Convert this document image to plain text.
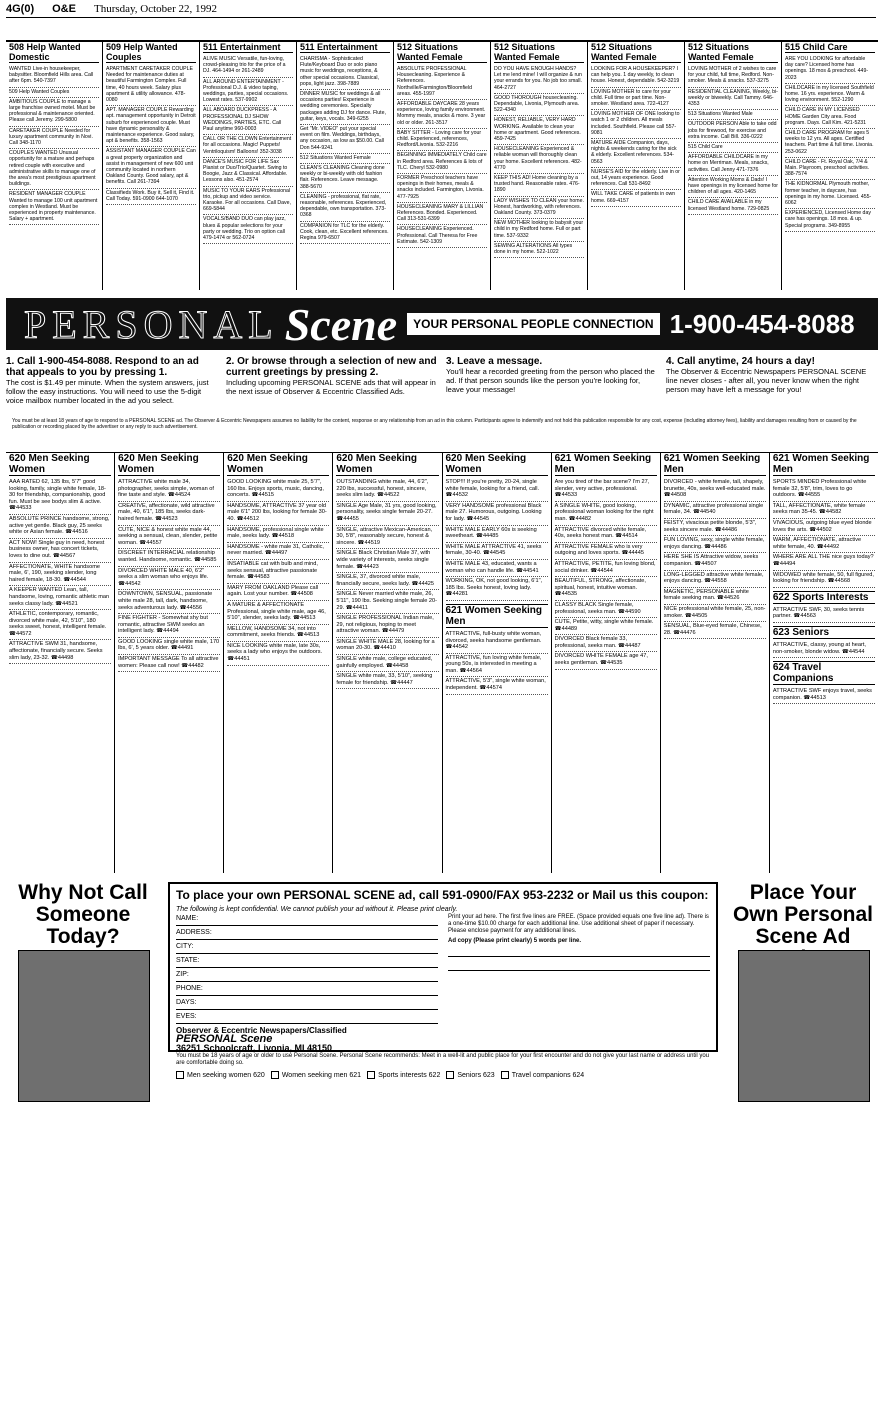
4G(0) O&E Thursday, October 22, 1992
508 Help Wanted Domestic
WANTED Live-in housekeeper, babysitter. Bloomfield Hills area. Call after 6pm. 540-7397
509 Help Wanted Couples
AMBITIOUS COUPLE to manage a large franchise owned motel. Must be professional & maintenance oriented. Please call Jeremy. 299-5800
CARETAKER COUPLE Needed for luxury apartment community in Novi. Call 348-1170
COUPLES WANTED Unusual opportunity for a mature and perhaps retired couple with executive and administrative skills to manage one of the area's most prestigious apartment buildings.
RESIDENT MANAGER COUPLE Wanted to manage 100 unit apartment complex in Westland. Must be experienced in property maintenance. Salary + apartment.
509 Help Wanted Couples
APARTMENT CARETAKER COUPLE Needed for maintenance duties at beautiful Farmington Complex. Full time, 40 hours week. Salary plus apartment & utility allowance. 478-0080
APT. MANAGER COUPLE Rewarding apt. management opportunity in Detroit suburb for experienced couple. Must have dynamic personality & maintenance experience. Good salary, apt & benefits. 358-1563
ASSISTANT MANAGER COUPLE Can a great property organization and assist in management of new 600 unit community located in northern Oakland County. Good salary, apt & benefits. Call 261-7394
Classifieds Work. Buy it, Sell it, Find it. Call Today. 591-0900 644-1070
511 Entertainment
ALIVE MUSIC Versatile, fun-loving, crowd-pleasing trio for the price of a DJ. 464-1494 or 261-2489
ALL AROUND ENTERTAINMENT - Professional D.J. & video taping, weddings, parties, special occasions. Lowest rates. 537-9902
ALL ABOARD DUCKPRESS - A PROFESSIONAL DJ SHOW WEDDINGS, PARTIES, ETC. Call Paul anytime 960-0003
CALL OR THE CLOWN Entertainment for all occasions. Magic! Puppets! Ventriloquism! Balloons! 352-3038
DANCE'S MUSIC FOR LIFE Sax Pianist or Duo/Trio/Quartet. Swing to Boogie, Jazz & Classical. Affordable. Lessons also. 451-2574
MUSIC TO YOUR EARS Professional trio, pickup and video service. Karaoke. For all occasions. Call Dave, 669-5844
VOCALS/BAND DUO can play jazz, blues & popular selections for your party or wedding. Trio on option call 479-1474 or 562-0724
511 Entertainment
CHARISMA - Sophisticated Flute/Keyboard Duo or solo piano music for weddings, receptions, & other special occasions. Classical, pops, light jazz. 398-7889
DINNER MUSIC for weddings & all occasions parties! Experience in wedding ceremonies. Specialty packages adding DJ for dance. Flute, guitar, keys, vocals. 349-6255
Get "Mr. VIDEO" put your special event on film. Weddings, birthdays, any occasion, as low as $50.00. Call Don 544-9241
512 Situations Wanted Female
CLEAN'S CLEANING Cleaning done weekly or bi-weekly with old fashion flair. References. Leave message. 388-5670
CLEANING - professional, flat rate, reasonable, references. Experienced, dependable, own transportation. 373-0368
COMPANION for TLC for the elderly. Cook, clean, etc. Excellent references. Regina 979-6507
512 Situations Wanted Female
ABSOLUTE PROFESSIONAL Housecleaning. Experience & References. Northville/Farmington/Bloomfield areas. 455-1997
AFFORDABLE DAYCARE 28 years experience, loving family environment. Mommy meals, snacks & more. 3 year old or older. 261-3517
BABY SITTER - Loving care for your child. Experienced, references, Redford/Livonia. 532-2216
BEGINNING IMMEDIATELY Child care in Redford area. References & lots of TLC. Cheryl 532-0980
FORMER Preschool teachers have openings in their homes, meals & snacks included. Farmington, Livonia. 477-7925
HOUSECLEANING MARY & LILLIAN References. Bonded. Experienced. Call 313-531-6399
HOUSECLEANING Experienced. Professional. Call Theresa for Free Estimate. 542-1309
512 Situations Wanted Female
DO YOU HAVE ENOUGH HANDS? Let me lend mine! I will organize & run your errands for you. No job too small. 464-2727
GOOD THOROUGH housecleaning. Dependable, Livonia, Plymouth area. 522-4340
HONEST, RELIABLE, VERY HARD WORKING. Available to clean your home or apartment. Good references. 459-7425
HOUSECLEANING Experienced & reliable woman will thoroughly clean your home. Excellent references. 482-4770
KEEP THIS AD! Home cleaning by a trusted hand. Reasonable rates. 476-1890
LADY WISHES TO CLEAN your home. Honest, hardworking, with references. Oakland County. 373-0379
NEW MOTHER looking to babysit your child in my Redford home. Full or part time. 537-9332
SEWING ALTERATIONS All types done in my home. 522-1022
512 Situations Wanted Female
LOOKING FOR A HOUSEKEEPER? I can help you. 1 day weekly, to clean house. Honest, dependable. 542-3219
LOVING MOTHER to care for your child. Full time or part time. Non-smoker. Westland area. 722-4127
LOVING MOTHER OF ONE looking to watch 1 or 2 children. All meals included. Southfield. Please call 557-9081
MATURE AIDE Companion, days, nights & weekends caring for the sick & elderly. Excellent references. 534-0563
NURSE'S AID for the elderly. Live in or out, 14 years experience. Good references. Call 531-8492
WILL TAKE CARE of patients in own home. 669-4157
512 Situations Wanted Female
LOVING MOTHER of 2 wishes to care for your child, full time, Redford. Non-smoker. Meals & snacks. 537-3275
RESIDENTIAL CLEANING, Weekly, bi-weekly or biweekly. Call Tammy. 646-4353
513 Situations Wanted Male
OUTDOOR PERSON Able to take odd jobs for firewood, for exercise and extra income. Call Bill. 336-0222
515 Child Care
AFFORDABLE CHILDCARE in my home on Merriman. Meals, snacks, activities. Call Jenny 471-7376
Attention Working Moms & Dads! I have openings in my licensed home for children of all ages. 420-1465
CHILD CARE AVAILABLE in my licensed Westland home. 729-0825
515 Child Care
ARE YOU LOOKING for affordable day care? Licensed home has openings. 18 mos & preschool. 449-2023
CHILDCARE in my licensed Southfield home. 16 yrs. experience. Warm & loving environment. 552-1290
CHILD CARE IN MY LICENSED HOME Garden City area. Food program. Days. Call Kim. 421-5231
CHILD CARE PROGRAM for ages 5 weeks to 12 yrs. All ages. Certified teachers. Part time & full time. Livonia. 253-0622
CHILD CARE - Ft. Royal Oak, 7/4 & Main. Playroom, preschool activities. 388-7574
THE KIDNORMAL Plymouth mother, former teacher, in daycare, has openings in my home. Licensed. 455-6062
EXPERIENCED, Licensed Home day care has openings. 18 mos. & up. Special programs. 349-8955
PERSONAL Scene	YOUR PERSONAL PEOPLE CONNECTION 1-900-454-8088
1. Call 1-900-454-8088. Respond to an ad that appeals to you by pressing 1.
The cost is $1.49 per minute. When the system answers, just follow the easy instructions. You will need to use the 5-digit voice mailbox number located in the ad you select.
2. Or browse through a selection of new and current greetings by pressing 2.
Including upcoming PERSONAL SCENE ads that will appear in the next issue of Observer & Eccentric Classified Ads.
3. Leave a message.
You'll hear a recorded greeting from the person who placed the ad. If that person sounds like the person you're looking for, leave your message!
4. Call anytime, 24 hours a day!
The Observer & Eccentric Newspapers PERSONAL SCENE line never closes - after all, you never know when the right person may have left a message for you!
You must be at least 18 years of age to respond to a PERSONAL SCENE ad. The Observer & Eccentric Newspapers assumes no liability for the content, response or any relationship from an ad in this column. Participants agree to indemnify and not hold this publication responsible for any cost, expense (including attorney fees), liability and damages resulting from or caused by the publication or recording placed by the advertiser or any reply to such advertisement.
620 Men Seeking Women
AAA RATED 62, 135 lbs, 5'7" good looking, family, single white female, 18-30 for friendship, companionship, good fun. Must be see bodys slim & active. ☎44533
ABSOLUTE PRINCE handsome, strong, active yet gentle. Black guy, 25 seeks white or Asian female. ☎44516
ACT NOW! Single guy in need, honest business owner, has concert tickets, loves to dine out. ☎44567
AFFECTIONATE, WHITE handsome male, 6', 190, seeking slender, long haired female, 18-30. ☎44544
A KEEPER WANTED Lean, tall, handsome, loving, romantic athletic man seeks classy lady. ☎44521
ATHLETIC, contemporary, romantic, divorced white male, 42, 5'10", 180 seeks sweet, honest, intelligent female. ☎44572
ATTRACTIVE SWM 31, handsome, affectionate, financially secure. Seeks slim lady, 23-32. ☎44498
620 Men Seeking Women
ATTRACTIVE white male 34, photographer, seeks simple, woman of fine taste and style. ☎44524
CREATIVE, affectionate, wild attractive male, 40, 6'1", 185 lbs, seeks dark-haired female. ☎44523
CUTE, NICE & honest white male 44, seeking a sensual, clean, slender, petite woman. ☎44557
DISCREET INTERRACIAL relationship wanted. Handsome, romantic. ☎44585
DIVORCED WHITE MALE 40, 6'2" seeks a slim woman who enjoys life. ☎44542
DOWNTOWN, SENSUAL, passionate white male 28, tall, dark, handsome, seeks adventurous lady. ☎44556
FINE FIGHTER - Somewhat shy but romantic, attractive SWM seeks an intelligent lady. ☎44494
GOOD LOOKING single white male, 170 lbs, 6', 5 years older. ☎44491
IMPORTANT MESSAGE To all attractive women: Please call now! ☎44482
620 Men Seeking Women
GOOD LOOKING white male 25, 5'7", 160 lbs. Enjoys sports, music, dancing, concerts. ☎44515
HANDSOME, ATTRACTIVE 37 year old male 6'1" 200 lbs, looking for female 30-40. ☎44512
HANDSOME, professional single white male, seeks lady. ☎44518
HANDSOME - white male 31, Catholic, never married. ☎44497
INSATIABLE cat with bulb and mind, seeks sensual, attractive passionate female. ☎44583
MARY FROM OAKLAND Please call again. Lost your number. ☎44508
A MATURE & AFFECTIONATE Professional, single white male, age 46, 5'10", slender, seeks lady. ☎44513
MELLOW, HANDSOME 34, not into commitment, seeks friends. ☎44513
NICE LOOKING white male, late 30s, seeks a lady who enjoys the outdoors. ☎44451
620 Men Seeking Women
OUTSTANDING white male, 44, 6'2", 220 lbs, successful, honest, sincere, seeks slim lady. ☎44522
SINGLE Age Male, 31 yrs, good looking, personality, seeks single female 20-27. ☎44455
SINGLE, attractive Mexican-American, 30, 5'8", reasonably secure, honest & sincere. ☎44519
SINGLE Black Christian Male 37, with wide variety of interests, seeks single female. ☎44423
SINGLE, 37, divorced white male, financially secure, seeks lady. ☎44425
SINGLE Never married white male, 26, 5'11", 190 lbs. Seeking single female 20-29. ☎44411
SINGLE PROFESSIONAL Indian male, 29, not religious, hoping to meet attractive woman. ☎44479
SINGLE WHITE MALE 28, looking for a woman 20-30. ☎44410
SINGLE white male, college educated, gainfully employed. ☎44458
SINGLE white male, 33, 5'10", seeking female for friendship. ☎44447
620 Men Seeking Women
STOP!!! If you're pretty, 20-24, single white female, looking for a friend, call. ☎44532
VERY HANDSOME professional Black male 27. Humorous, outgoing. Looking for lady. ☎44545
WHITE MALE EARLY 60s is seeking sweetheart. ☎44485
WHITE MALE ATTRACTIVE 41, seeks female, 30-40. ☎44545
WHITE MALE 43, educated, wants a woman who can handle life. ☎44541
WORKING, OK, not good looking, 6'1", 185 lbs. Seeks honest, loving lady. ☎44281
621 Women Seeking Men
ATTRACTIVE, full-busty white woman, divorced, seeks handsome gentleman. ☎44542
ATTRACTIVE, fun loving white female, young 50s, is interested in meeting a man. ☎44564
ATTRACTIVE, 5'3", single white woman, independent. ☎44574
621 Women Seeking Men
Are you tired of the bar scene? I'm 27, slender, very active, professional. ☎44533
A SINGLE WHITE, good looking, professional woman looking for the right man. ☎44482
ATTRACTIVE divorced white female, 40s, seeks honest man. ☎44514
ATTRACTIVE FEMALE who is very outgoing and loves sports. ☎44445
ATTRACTIVE, PETITE, fun loving blond, social drinker. ☎44544
BEAUTIFUL, STRONG, affectionate, spiritual, honest, intuitive woman. ☎44535
CLASSY BLACK Single female, professional, seeks man. ☎44590
CUTE, Petite, witty, single white female. ☎44489
DIVORCED Black female 33, professional, seeks man. ☎44487
DIVORCED WHITE FEMALE age 47, seeks gentleman. ☎44535
621 Women Seeking Men
DIVORCED - white female, tall, shapely, brunette, 40s, seeks well-educated male. ☎44508
DYNAMIC, attractive professional single female, 34. ☎44540
FEISTY, vivacious petite blonde, 5'3", seeks sincere male. ☎44486
FUN LOVING, sexy, single white female, enjoys dancing. ☎44486
HERE SHE IS Attractive widow, seeks companion. ☎44507
LONG-LEGGED attractive white female, enjoys dancing. ☎44558
MAGNETIC, PERSONABLE white female seeking man. ☎44526
NICE professional white female, 25, non-smoker. ☎44505
SENSUAL, Blue-eyed female, Chinese, 28. ☎44476
621 Women Seeking Men
SPORTS MINDED Professional white female 32, 5'8", trim, loves to go outdoors. ☎44555
TALL, AFFECTIONATE, white female seeks man 35-45. ☎44582
VIVACIOUS, outgoing blue eyed blonde loves the arts. ☎44502
WARM, AFFECTIONATE, attractive white female, 40. ☎44492
WHERE ARE ALL THE nice guys today? ☎44494
WIDOWED white female, 50, full figured, looking for friendship. ☎44568
622 Sports Interests
ATTRACTIVE SWF, 30, seeks tennis partner. ☎44563
623 Seniors
ATTRACTIVE, classy, young at heart, non-smoker, blonde widow. ☎44544
624 Travel Companions
ATTRACTIVE SWF enjoys travel, seeks companion. ☎44513
Why Not Call Someone Today?
To place your own PERSONAL SCENE ad, call 591-0900/FAX 953-2232 or Mail us this coupon:
The following is kept confidential. We cannot publish your ad without it. Please print clearly.
NAME:
ADDRESS:
CITY:
STATE:
ZIP:
PHONE:
DAYS:
EVES:
Print your ad here. The first five lines are FREE. (Space provided equals one five line ad). There is a one-time $10.00 charge for each additional line. Use additional sheet of paper if necessary. Please enclose payment for any additional lines.
Ad copy (Please print clearly) 5 words per line.
Observer & Eccentric Newspapers/Classified
PERSONAL Scene
36251 Schoolcraft, Livonia, MI 48150
You must be 18 years of age or older to use Personal Scene. Personal Scene recommends: Meet in a well-lit and public place for your first encounter and do not give your last name or address until you are comfortable doing so.
Men seeking women 620	Women seeking men 621	Sports interests 622	Seniors 623	Travel companions 624
Place Your Own Personal Scene Ad
